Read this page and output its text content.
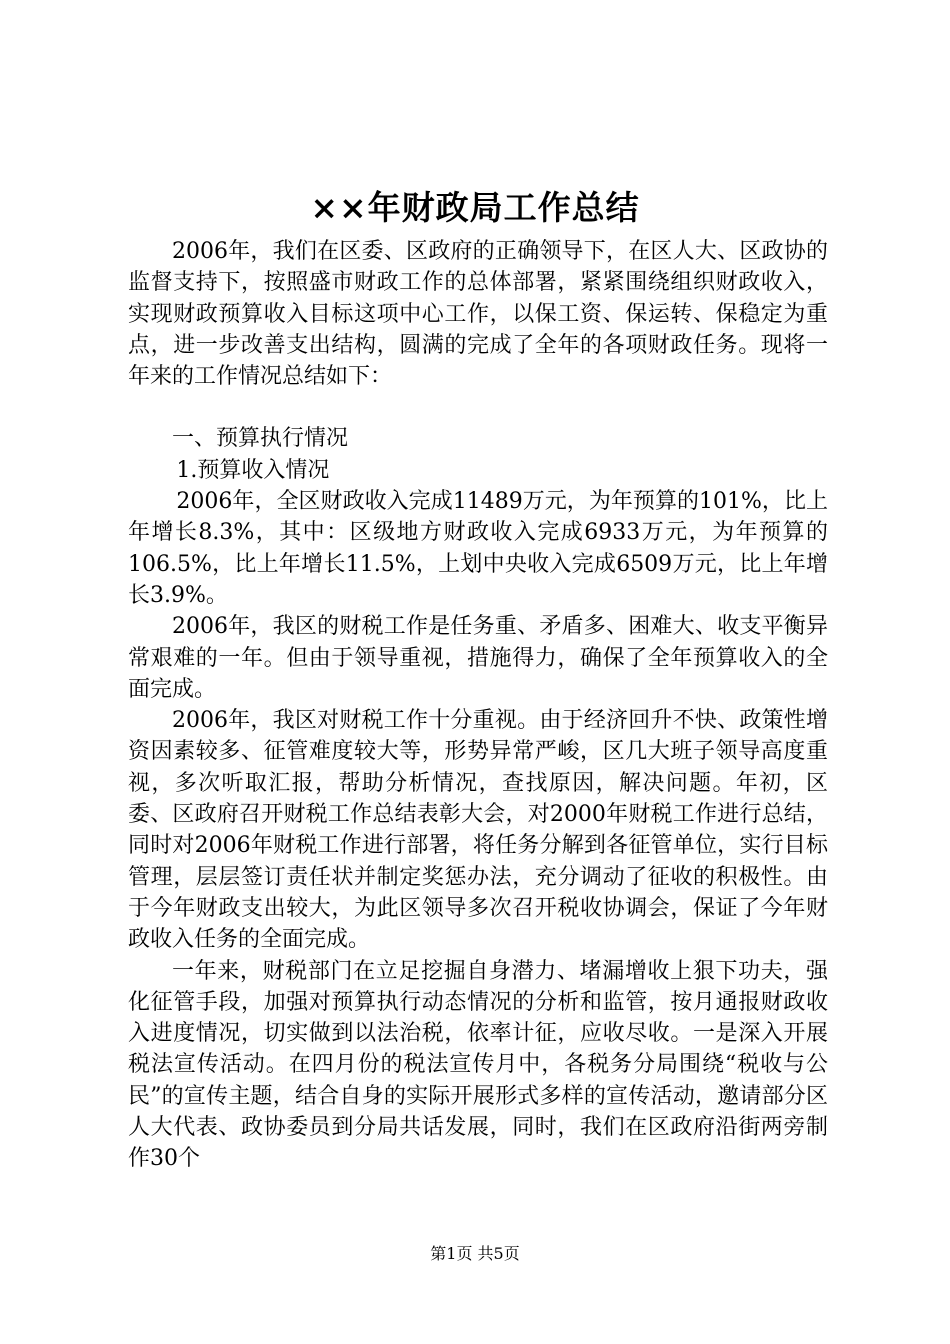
××年财政局工作总结

2006年，我们在区委、区政府的正确领导下，在区人大、区政协的监督支持下，按照盛市财政工作的总体部署，紧紧围绕组织财政收入，实现财政预算收入目标这项中心工作，以保工资、保运转、保稳定为重点，进一步改善支出结构，圆满的完成了全年的各项财政任务。现将一年来的工作情况总结如下：

一、预算执行情况

1.预算收入情况

2006年，全区财政收入完成11489万元，为年预算的101%，比上年增长8.3%，其中：区级地方财政收入完成6933万元，为年预算的106.5%，比上年增长11.5%，上划中央收入完成6509万元，比上年增长3.9%。

2006年，我区的财税工作是任务重、矛盾多、困难大、收支平衡异常艰难的一年。但由于领导重视，措施得力，确保了全年预算收入的全面完成。

2006年，我区对财税工作十分重视。由于经济回升不快、政策性增资因素较多、征管难度较大等，形势异常严峻，区几大班子领导高度重视，多次听取汇报，帮助分析情况，查找原因，解决问题。年初，区委、区政府召开财税工作总结表彰大会，对2000年财税工作进行总结，同时对2006年财税工作进行部署，将任务分解到各征管单位，实行目标管理，层层签订责任状并制定奖惩办法，充分调动了征收的积极性。由于今年财政支出较大，为此区领导多次召开税收协调会，保证了今年财政收入任务的全面完成。

一年来，财税部门在立足挖掘自身潜力、堵漏增收上狠下功夫，强化征管手段，加强对预算执行动态情况的分析和监管，按月通报财政收入进度情况，切实做到以法治税，依率计征，应收尽收。一是深入开展税法宣传活动。在四月份的税法宣传月中，各税务分局围绕“税收与公民”的宣传主题，结合自身的实际开展形式多样的宣传活动，邀请部分区人大代表、政协委员到分局共话发展，同时，我们在区政府沿街两旁制作30个

第1页 共5页
